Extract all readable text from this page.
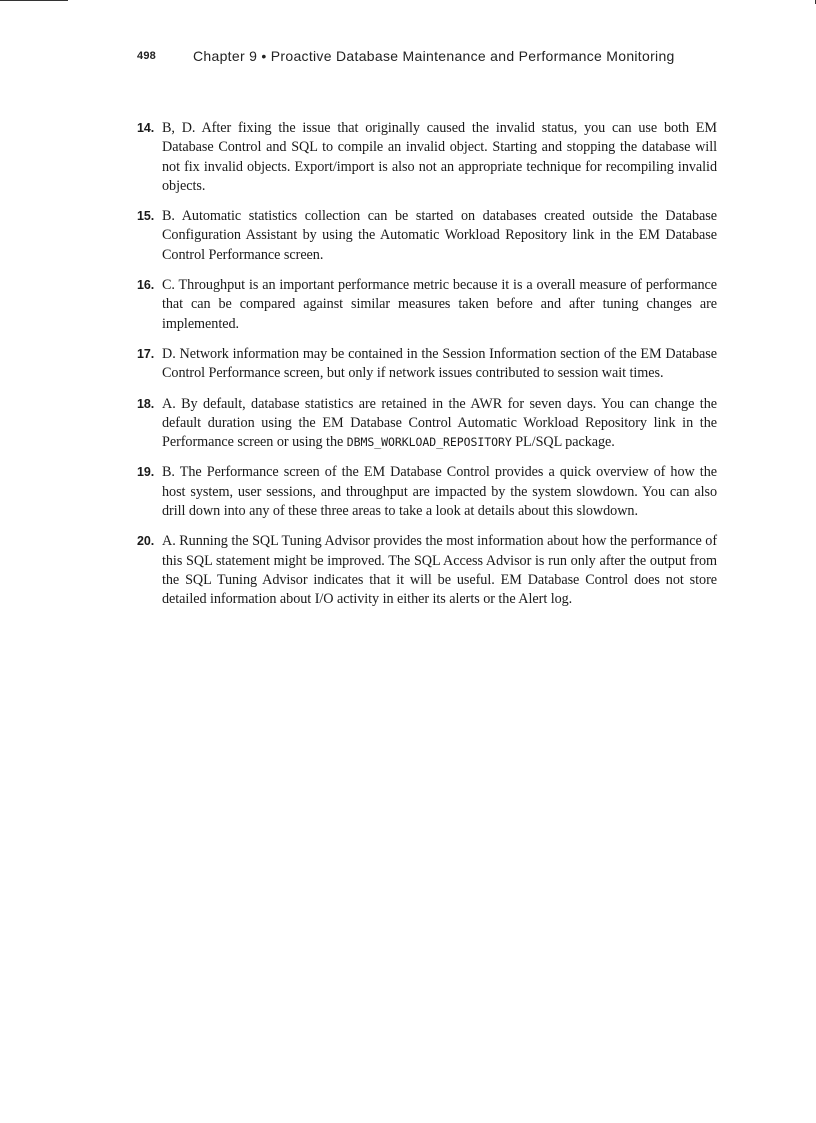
498	Chapter 9 • Proactive Database Maintenance and Performance Monitoring
14. B, D. After fixing the issue that originally caused the invalid status, you can use both EM Database Control and SQL to compile an invalid object. Starting and stopping the database will not fix invalid objects. Export/import is also not an appropriate technique for recompiling invalid objects.
15. B. Automatic statistics collection can be started on databases created outside the Database Configuration Assistant by using the Automatic Workload Repository link in the EM Database Control Performance screen.
16. C. Throughput is an important performance metric because it is a overall measure of performance that can be compared against similar measures taken before and after tuning changes are implemented.
17. D. Network information may be contained in the Session Information section of the EM Database Control Performance screen, but only if network issues contributed to session wait times.
18. A. By default, database statistics are retained in the AWR for seven days. You can change the default duration using the EM Database Control Automatic Workload Repository link in the Performance screen or using the DBMS_WORKLOAD_REPOSITORY PL/SQL package.
19. B. The Performance screen of the EM Database Control provides a quick overview of how the host system, user sessions, and throughput are impacted by the system slowdown. You can also drill down into any of these three areas to take a look at details about this slowdown.
20. A. Running the SQL Tuning Advisor provides the most information about how the performance of this SQL statement might be improved. The SQL Access Advisor is run only after the output from the SQL Tuning Advisor indicates that it will be useful. EM Database Control does not store detailed information about I/O activity in either its alerts or the Alert log.
